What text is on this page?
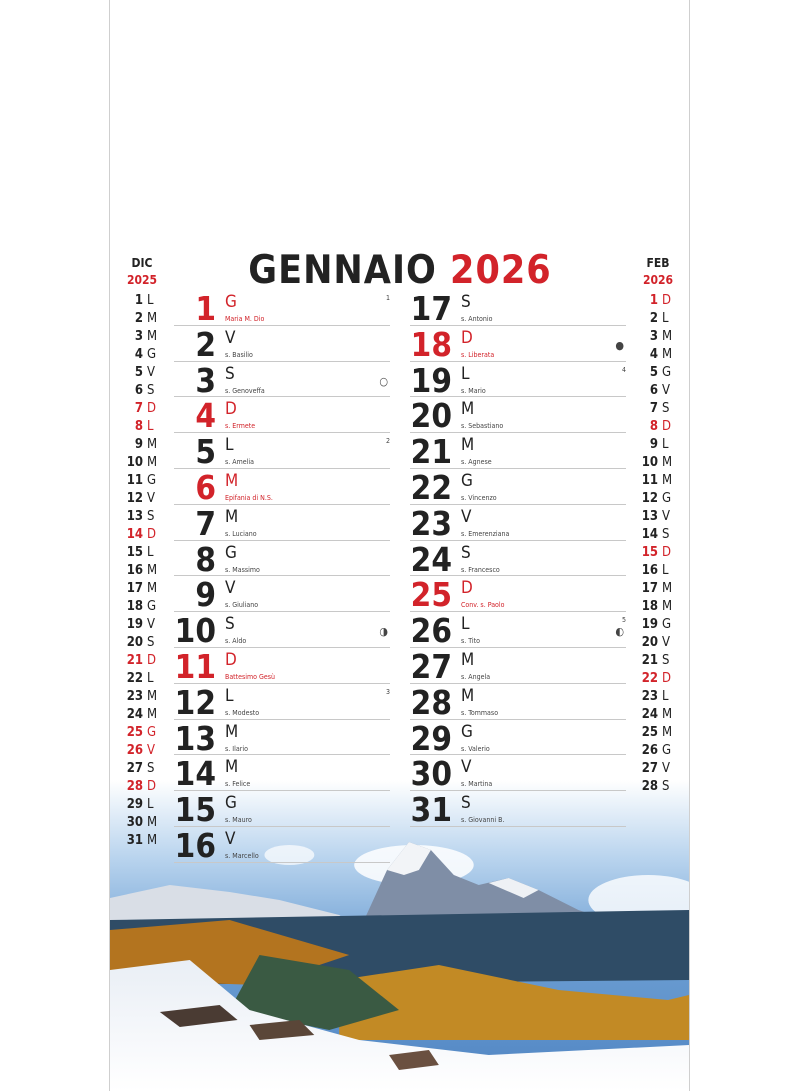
GENNAIO 2026
DIC
2025
1 L
2 M
3 M
4 G
5 V
6 S
7 D
8 L
9 M
10 M
11 G
12 V
13 S
14 D
15 L
16 M
17 M
18 G
19 V
20 S
21 D
22 L
23 M
24 M
25 G
26 V
27 S
28 D
29 L
30 M
31 M
FEB
2026
1 D
2 L
3 M
4 M
5 G
6 V
7 S
8 D
9 L
10 M
11 M
12 G
13 V
14 S
15 D
16 L
17 M
18 M
19 G
20 V
21 S
22 D
23 L
24 M
25 M
26 G
27 V
28 S
1 G
Maria M. Dio
1
2 V
s. Basilio
3 S
s. Genoveffa
○
4 D
s. Ermete
5 L
s. Amelia
2
6 M
Epifania di N.S.
7 M
s. Luciano
8 G
s. Massimo
9 V
s. Giuliano
10 S
s. Aldo
◑
11 D
Battesimo Gesù
12 L
s. Modesto
3
13 M
s. Ilario
14 M
s. Felice
15 G
s. Mauro
16 V
s. Marcello
17 S
s. Antonio
18 D
s. Liberata
●
19 L
s. Mario
4
20 M
s. Sebastiano
21 M
s. Agnese
22 G
s. Vincenzo
23 V
s. Emerenziana
24 S
s. Francesco
25 D
Conv. s. Paolo
26 L
s. Tito
5
◐
27 M
s. Angela
28 M
s. Tommaso
29 G
s. Valerio
30 V
s. Martina
31 S
s. Giovanni B.
